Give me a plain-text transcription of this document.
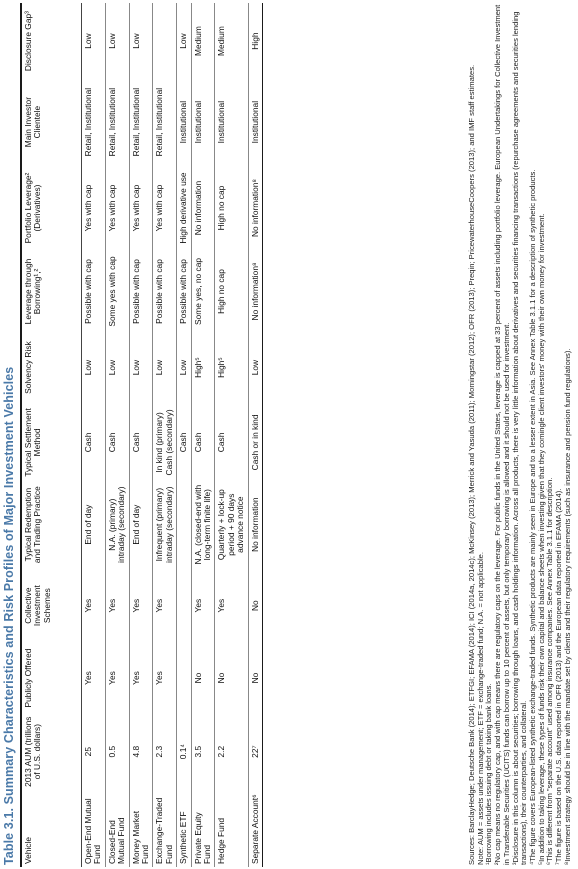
Table 3.1. Summary Characteristics and Risk Profiles of Major Investment Vehicles Vehicle	2013 AUM (trillions of U.S. dollars)	Publicly Offered	Collective Investment Schemes	Typical Redemption and Trading Practice	Typical Settlement Method	Solvency Risk	Leverage through Borrowing¹,²	Portfolio Leverage² (Derivatives)	Main Investor Clientele	Disclosure Gap³
Open-End Mutual Fund	25	Yes	Yes	End of day	Cash	Low	Possible with cap	Yes with cap	Retail, Institutional	Low
Closed-End Mutual Fund	0.5	Yes	Yes	N.A. (primary) intraday (secondary)	Cash	Low	Some yes with cap	Yes with cap	Retail, Institutional	Low
Money Market Fund	4.8	Yes	Yes	End of day	Cash	Low	Possible with cap	Yes with cap	Retail, Institutional	Low
Exchange-Traded Fund	2.3	Yes	Yes	Infrequent (primary) intraday (secondary)	In kind (primary) Cash (secondary)	Low	Possible with cap	Yes with cap	Retail, Institutional	
Synthetic ETF	0.1⁴				Cash	Low	Possible with cap	High derivative use	Institutional	Low
Private Equity Fund	3.5	No	Yes	N.A. (closed-end with long-term finite life)	Cash	High⁵	Some yes, no cap	No information	Institutional	Medium
Hedge Fund	2.2	No	Yes	Quarterly + lock-up period + 90 days advance notice	Cash	High⁵	High no cap	High no cap	Institutional	Medium
Separate Account⁶	22⁷	No	No	No information	Cash or in kind	Low	No information⁸	No information⁸	Institutional	High
Sources: BarclayHedge; Deutsche Bank (2014); ETFGI; EFAMA (2014); ICI (2014a, 2014c); McKinsey (2013); Merrick and Yasuda (2011); Morningstar (2012); OFR (2013); Preqin; PricewaterhouseCoopers (2013); and IMF staff estimates. Note: AUM = assets under management; ETF = exchange-traded fund; N.A. = not applicable. ¹Borrowing includes issuing debt or taking bank loans. ²No cap means no regulatory cap, and with cap means there are regulatory caps on the leverage. For public funds in the United States, leverage is capped at 33 percent of assets including portfolio leverage. European Undertakings for Collective Investment in Transferable Securities (UCITS) funds can borrow up to 10 percent of assets, but only temporary borrowing is allowed and it should not be used for investment. ³Disclosure in this column is about securities; borrowing through loans, and cash holdings information. Across all products, there is very little information about derivatives and securities financing transactions (repurchase agreements and securities lending transactions), their counterparties, and collateral. ⁴The figure covers European-listed synthetic exchange-traded funds. Synthetic products are mainly seen in Europe and to a lesser extent in Asia. See Annex Table 3.1.1 for a description of synthetic products. ⁵In addition to taking leverage, these types of funds risk their own capital and balance sheets when investing given that they comingle client investors' money with their own money for investment. ⁶This is different from "separate account" used among insurance companies. See Annex Table 3.1.1 for description. ⁷The figure is based on the U.S. data reported in OFR (2013) and the European data reported in EFAMA (2014). ⁸Investment strategy should be in line with the mandate set by clients and their regulatory requirements (such as insurance and pension fund regulations).
